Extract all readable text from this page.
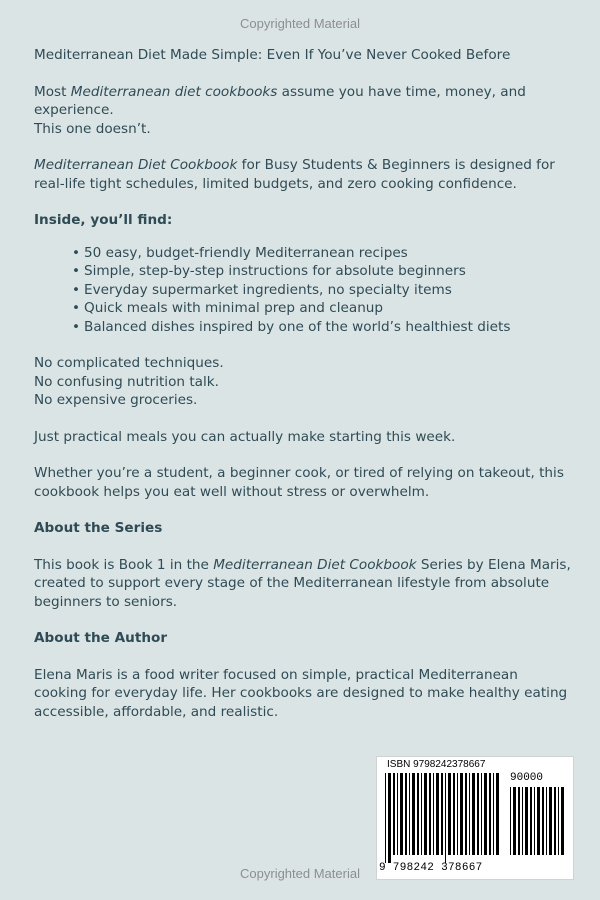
Copyrighted Material

Mediterranean Diet Made Simple: Even If You’ve Never Cooked Before

Most Mediterranean diet cookbooks assume you have time, money, and experience.

This one doesn’t.

Mediterranean Diet Cookbook for Busy Students & Beginners is designed for real-life tight schedules, limited budgets, and zero cooking confidence.

Inside, you’ll find:

• 50 easy, budget-friendly Mediterranean recipes
• Simple, step-by-step instructions for absolute beginners
• Everyday supermarket ingredients, no specialty items
• Quick meals with minimal prep and cleanup
• Balanced dishes inspired by one of the world’s healthiest diets

No complicated techniques.

No confusing nutrition talk.

No expensive groceries.

Just practical meals you can actually make starting this week.

Whether you’re a student, a beginner cook, or tired of relying on takeout, this cookbook helps you eat well without stress or overwhelm.

About the Series

This book is Book 1 in the Mediterranean Diet Cookbook Series by Elena Maris, created to support every stage of the Mediterranean lifestyle from absolute beginners to seniors.

About the Author

Elena Maris is a food writer focused on simple, practical Mediterranean cooking for everyday life. Her cookbooks are designed to make healthy eating accessible, affordable, and realistic.

ISBN 9798242378667
90000
9 798242 378667
Copyrighted Material
